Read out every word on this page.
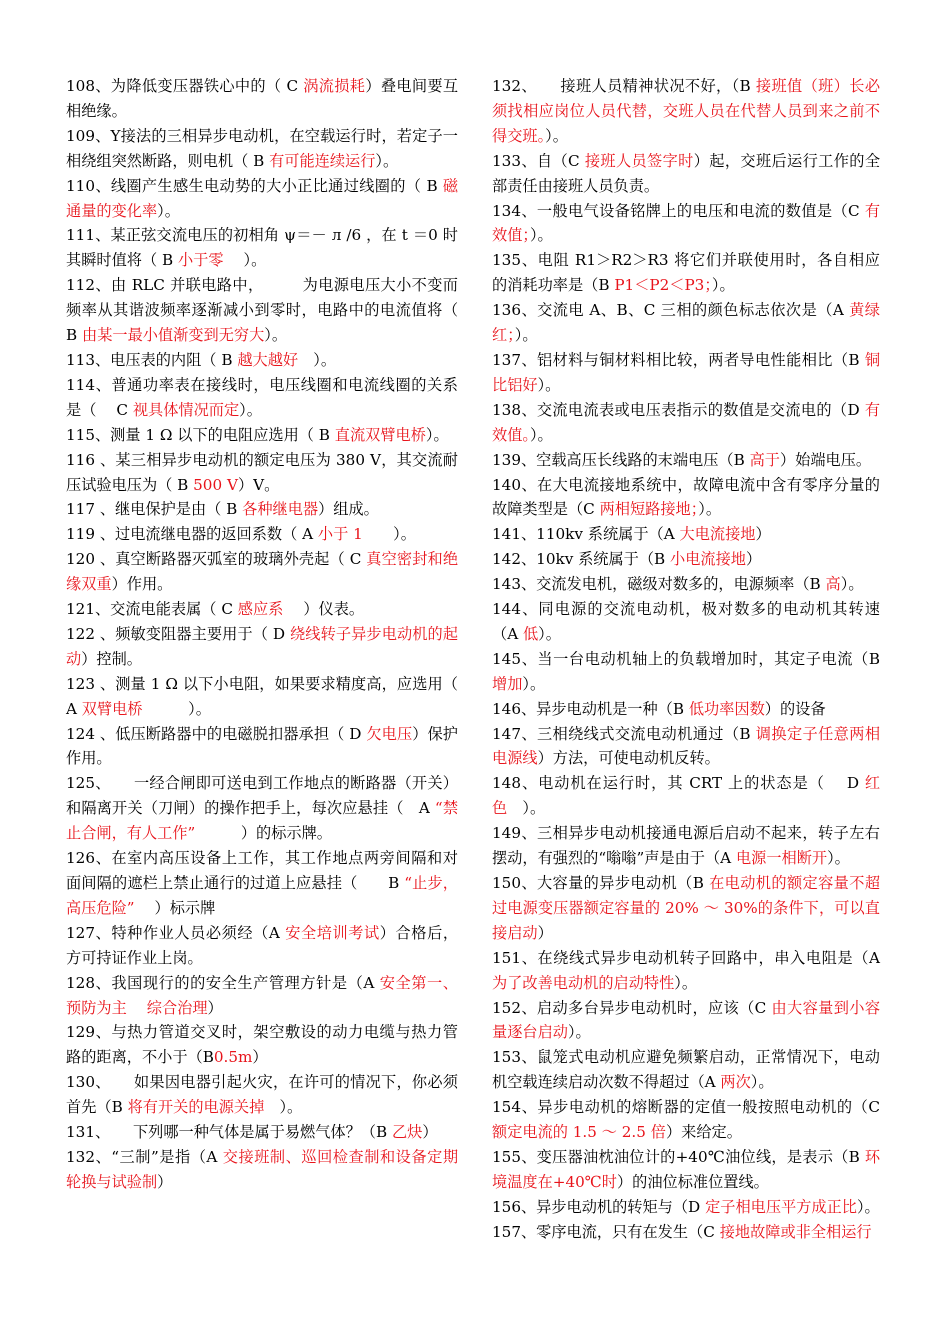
108、为降低变压器铁心中的（ C 涡流损耗）叠电间要互相绝缘。

109、Y接法的三相异步电动机，在空载运行时，若定子一相绕组突然断路，则电机（ B 有可能连续运行）。

110、线圈产生感生电动势的大小正比通过线圈的（ B 磁通量的变化率）。

111、某正弦交流电压的初相角 ψ＝－ л /6 ，在 t ＝0 时其瞬时值将（ B 小于零　 ）。

112、由 RLC 并联电路中，　　　为电源电压大小不变而频率从其谐波频率逐渐减小到零时，电路中的电流值将（ B 由某一最小值渐变到无穷大）。

113、电压表的内阻（ B 越大越好　）。

114、普通功率表在接线时，电压线圈和电流线圈的关系是（　 C 视具体情况而定）。

115、测量 1 Ω 以下的电阻应选用（ B 直流双臂电桥）。

116 、某三相异步电动机的额定电压为 380 V，其交流耐压试验电压为（ B 500 V）V。

117 、继电保护是由（ B 各种继电器）组成。

119 、过电流继电器的返回系数（ A 小于 1　　）。

120 、真空断路器灭弧室的玻璃外壳起（ C 真空密封和绝缘双重）作用。

121、交流电能表属（ C 感应系　 ）仪表。

122 、频敏变阻器主要用于（ D 绕线转子异步电动机的起动）控制。

123 、测量 1 Ω 以下小电阻，如果要求精度高，应选用（ A 双臂电桥　　　）。

124 、低压断路器中的电磁脱扣器承担（ D 欠电压）保护作用。

125、　　一经合闸即可送电到工作地点的断路器（开关）和隔离开关（刀闸）的操作把手上，每次应悬挂（　A “禁止合闸，有人工作”　　　）的标示牌。

126、在室内高压设备上工作，其工作地点两旁间隔和对面间隔的遮栏上禁止通行的过道上应悬挂（　　B “止步，高压危险”　 ）标示牌

127、特种作业人员必须经（A 安全培训考试）合格后，方可持证作业上岗。

128、我国现行的的安全生产管理方针是（A 安全第一、预防为主　 综合治理）

129、与热力管道交叉时，架空敷设的动力电缆与热力管路的距离，不小于（B0.5m）

130、　　如果因电器引起火灾，在许可的情况下，你必须首先（B 将有开关的电源关掉　）。

131、　　下列哪一种气体是属于易燃气体？（B 乙炔）

132、“三制”是指（A 交接班制、巡回检查制和设备定期轮换与试验制）

132、　　接班人员精神状况不好，（B 接班值（班）长必须找相应岗位人员代替，交班人员在代替人员到来之前不得交班。）。

133、自（C 接班人员签字时）起，交班后运行工作的全部责任由接班人员负责。

134、一般电气设备铭牌上的电压和电流的数值是（C 有效值；）。

135、电阻 R1＞R2＞R3 将它们并联使用时，各自相应的消耗功率是（B P1＜P2＜P3；）。

136、交流电 A、B、C 三相的颜色标志依次是（A 黄绿红；）。

137、铝材料与铜材料相比较，两者导电性能相比（B 铜比铝好）。

138、交流电流表或电压表指示的数值是交流电的（D 有效值。）。

139、空载高压长线路的末端电压（B 高于）始端电压。

140、在大电流接地系统中，故障电流中含有零序分量的故障类型是（C 两相短路接地；）。

141、110kv 系统属于（A 大电流接地）

142、10kv 系统属于（B 小电流接地）

143、交流发电机，磁级对数多的，电源频率（B 高）。

144、同电源的交流电动机，极对数多的电动机其转速（A 低）。

145、当一台电动机轴上的负载增加时，其定子电流（B 增加）。

146、异步电动机是一种（B 低功率因数）的设备

147、三相绕线式交流电动机通过（B 调换定子任意两相电源线）方法，可使电动机反转。

148、电动机在运行时，其 CRT 上的状态是（　 D 红色　）。

149、三相异步电动机接通电源后启动不起来，转子左右摆动，有强烈的“嗡嗡”声是由于（A 电源一相断开）。

150、大容量的异步电动机（B 在电动机的额定容量不超过电源变压器额定容量的 20% ～ 30%的条件下，可以直接启动）

151、在绕线式异步电动机转子回路中，串入电阻是（A 为了改善电动机的启动特性）。

152、启动多台异步电动机时，应该（C 由大容量到小容量逐台启动）。

153、鼠笼式电动机应避免频繁启动，正常情况下，电动机空载连续启动次数不得超过（A 两次）。

154、异步电动机的熔断器的定值一般按照电动机的（C 额定电流的 1.5 ～ 2.5 倍）来给定。

155、变压器油枕油位计的+40℃油位线，是表示（B 环境温度在+40℃时）的油位标准位置线。

156、异步电动机的转矩与（D 定子相电压平方成正比）。

157、零序电流，只有在发生（C 接地故障或非全相运行
